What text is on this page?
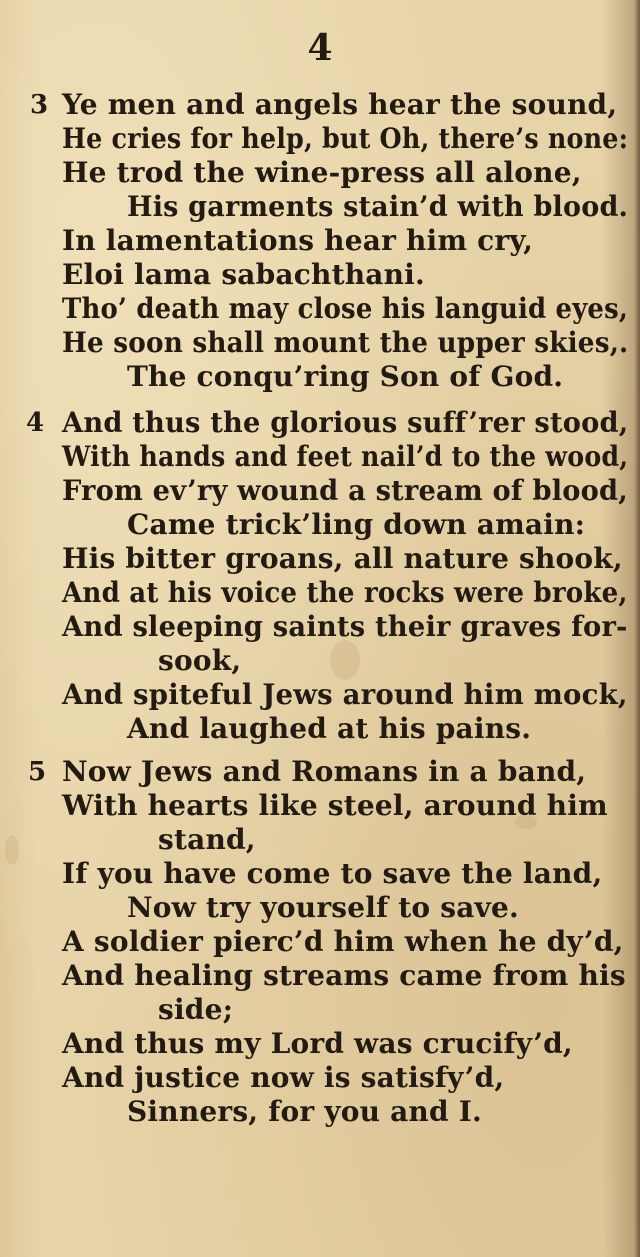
4
3 Ye men and angels hear the sound,
He cries for help, but Oh, there’s none:
He trod the wine-press all alone,
His garments stain’d with blood.
In lamentations hear him cry,
Eloi lama sabachthani.
Tho’ death may close his languid eyes,
He soon shall mount the upper skies,.
The conqu’ring Son of God.
4 And thus the glorious suff’rer stood,
With hands and feet nail’d to the wood,
From ev’ry wound a stream of blood,
Came trick’ling down amain:
His bitter groans, all nature shook,
And at his voice the rocks were broke,
And sleeping saints their graves for-
sook,
And spiteful Jews around him mock,
And laughed at his pains.
5 Now Jews and Romans in a band,
With hearts like steel, around him
stand,
If you have come to save the land,
Now try yourself to save.
A soldier pierc’d him when he dy’d,
And healing streams came from his
side;
And thus my Lord was crucify’d,
And justice now is satisfy’d,
Sinners, for you and I.
